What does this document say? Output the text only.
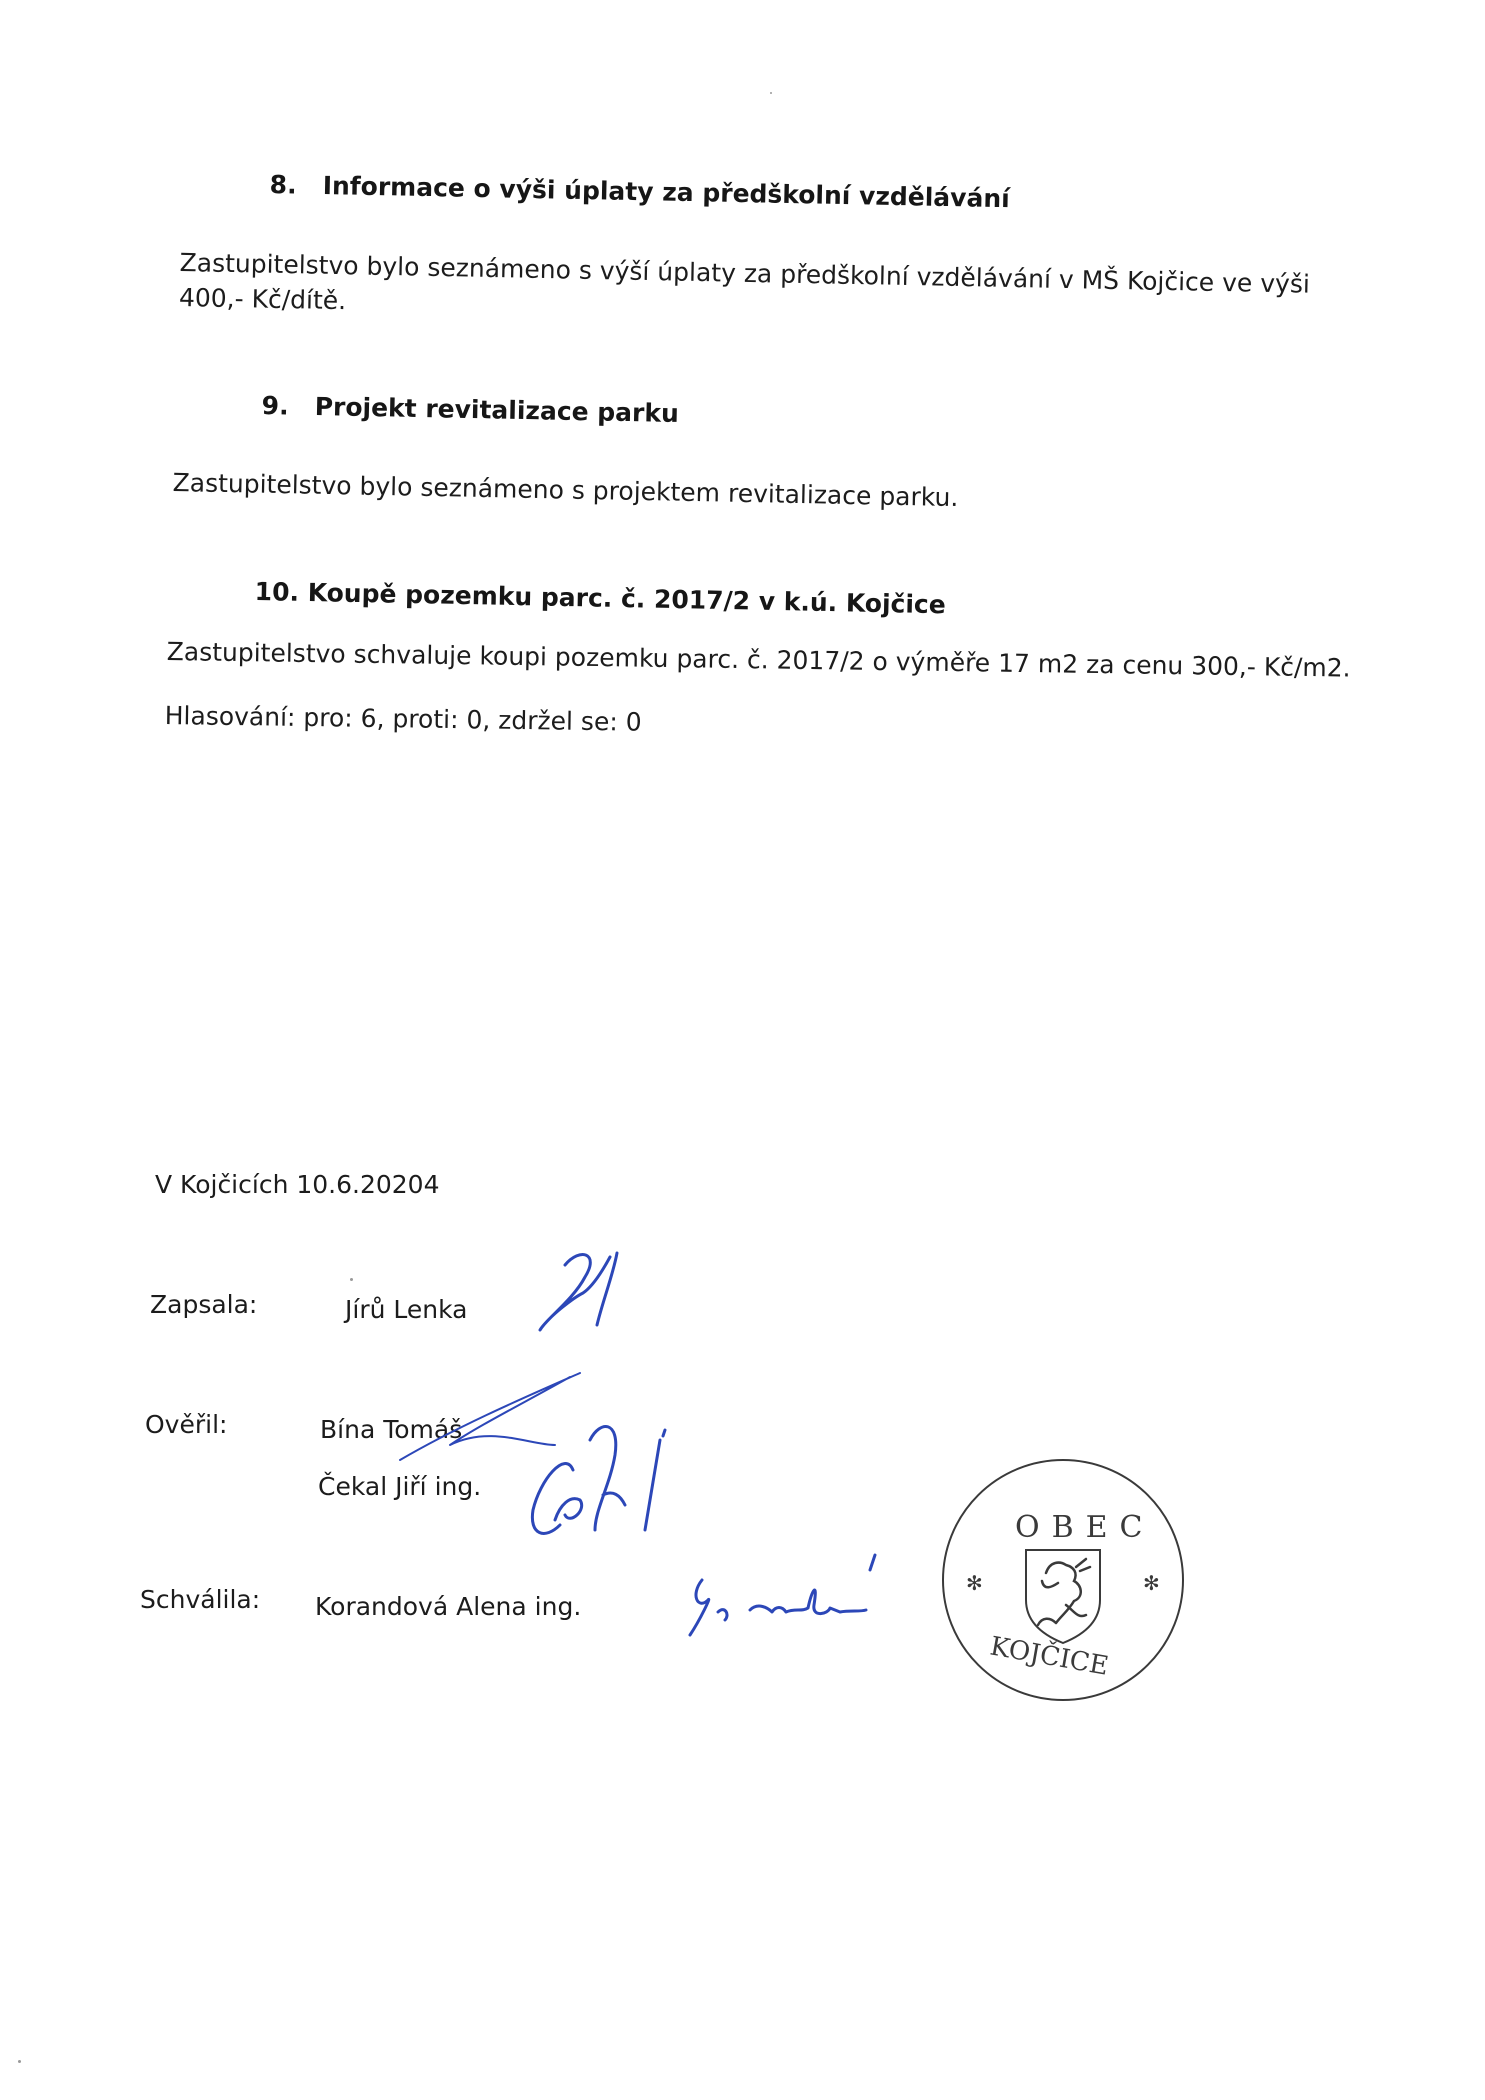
8. Informace o výši úplaty za předškolní vzdělávání
Zastupitelstvo bylo seznámeno s výší úplaty za předškolní vzdělávání v MŠ Kojčice ve výši 400,- Kč/dítě.
9. Projekt revitalizace parku
Zastupitelstvo bylo seznámeno s projektem revitalizace parku.
10. Koupě pozemku parc. č. 2017/2 v k.ú. Kojčice
Zastupitelstvo schvaluje koupi pozemku parc. č. 2017/2 o výměře 17 m2 za cenu 300,- Kč/m2.
Hlasování: pro: 6, proti: 0, zdržel se: 0
V Kojčicích 10.6.20204
Zapsala:	Jírů Lenka
Ověřil:	Bína Tomáš
Čekal Jiří ing.
Schválila: Korandová Alena ing.
OBEC
KOJČICE
✻	✻
